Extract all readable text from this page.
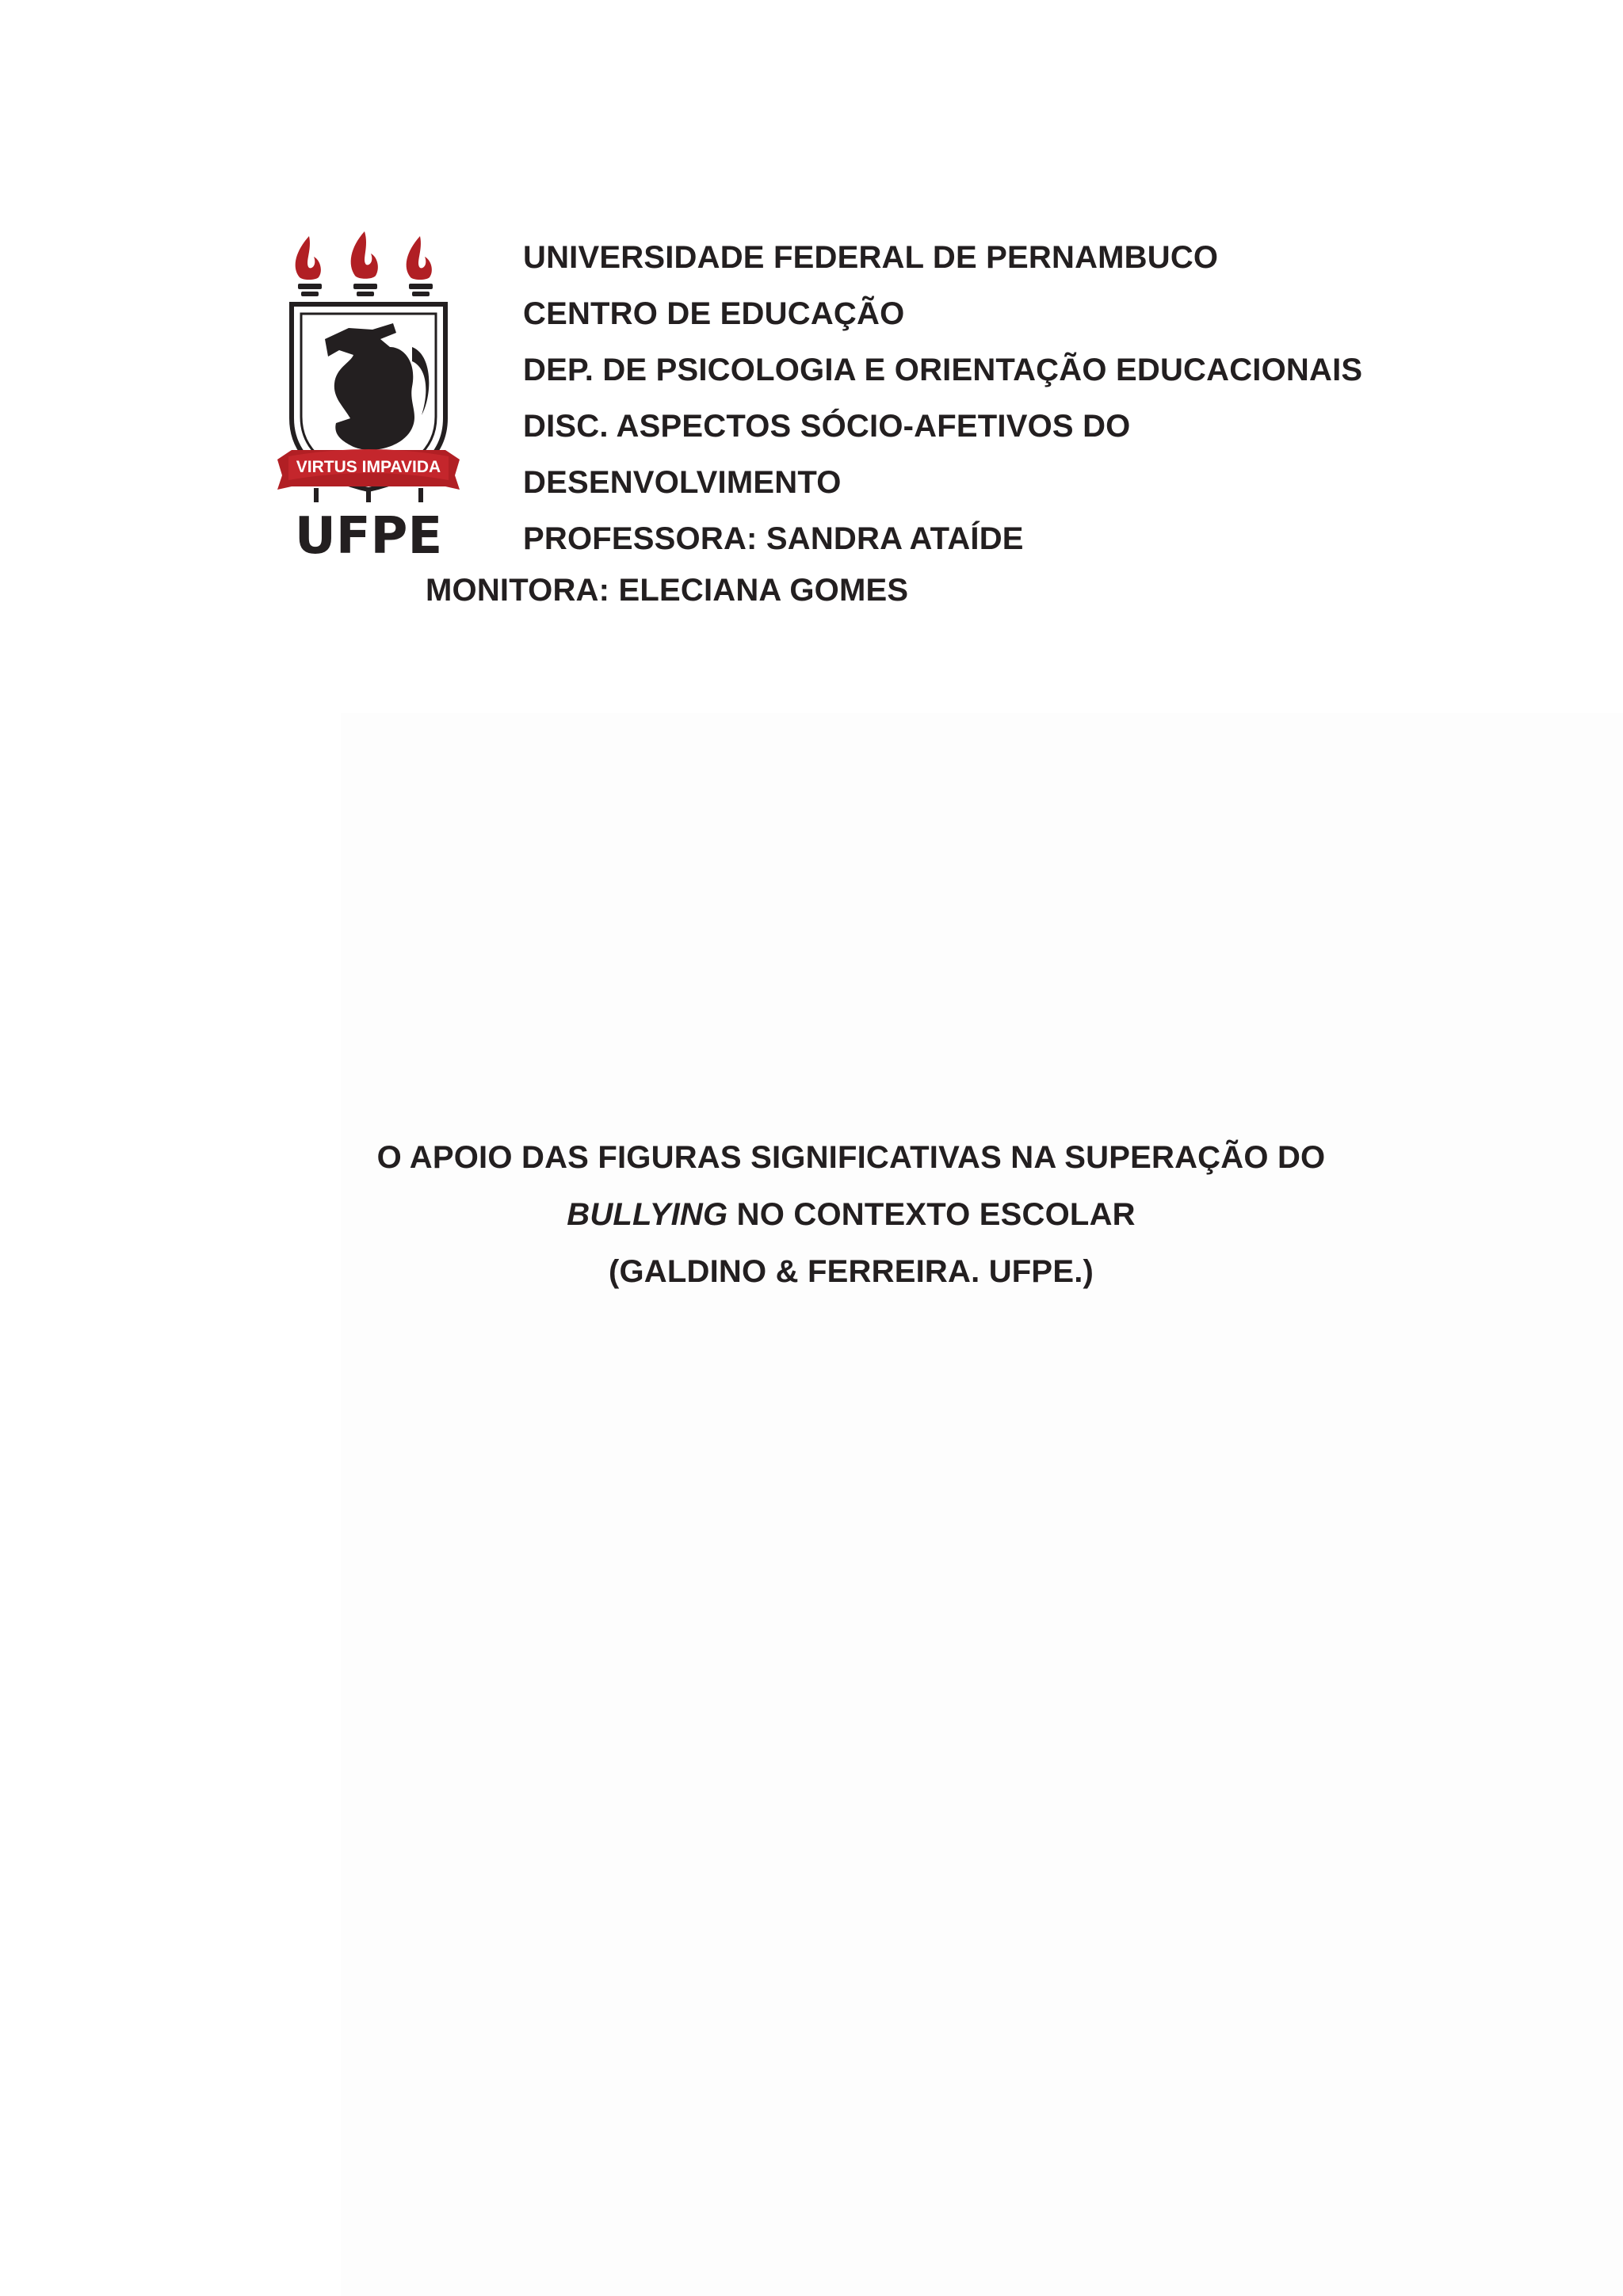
VIRTUS IMPAVIDA
UFPE
UNIVERSIDADE FEDERAL DE PERNAMBUCO
CENTRO DE EDUCAÇÃO
DEP. DE PSICOLOGIA E ORIENTAÇÃO EDUCACIONAIS
DISC. ASPECTOS SÓCIO-AFETIVOS DO
DESENVOLVIMENTO
PROFESSORA: SANDRA ATAÍDE
MONITORA: ELECIANA GOMES
O APOIO DAS FIGURAS SIGNIFICATIVAS NA SUPERAÇÃO DO
BULLYING NO CONTEXTO ESCOLAR
(GALDINO & FERREIRA. UFPE.)
